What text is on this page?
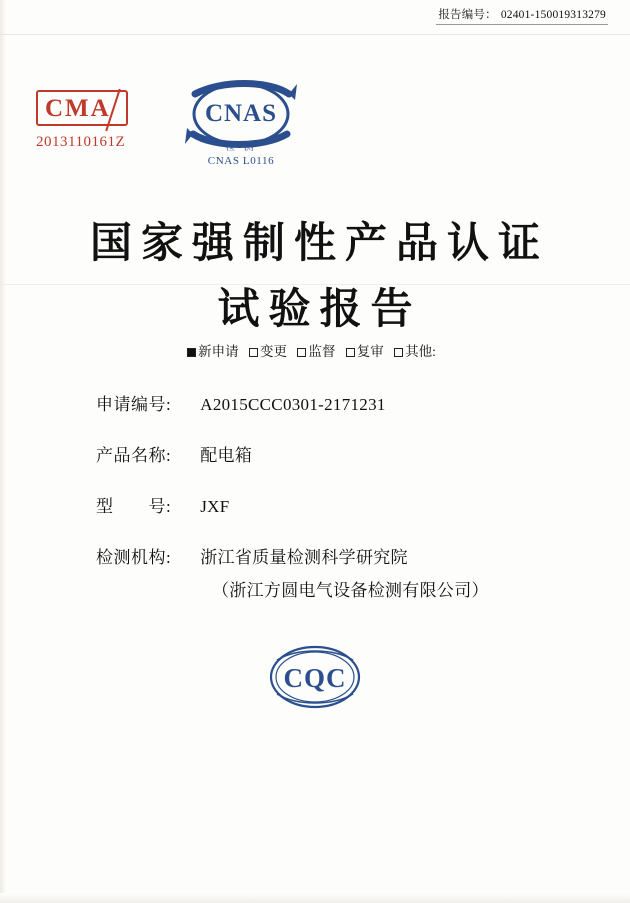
报告编号： 02401-150019313279
CMA
2013110161Z
CNAS
检 测
CNAS L0116
国家强制性产品认证
试验报告
新申请 变更 监督 复审 其他:
申请编号: A2015CCC0301-2171231
产品名称: 配电箱
型　　号: JXF
检测机构: 浙江省质量检测科学研究院
（浙江方圆电气设备检测有限公司）
CQC
